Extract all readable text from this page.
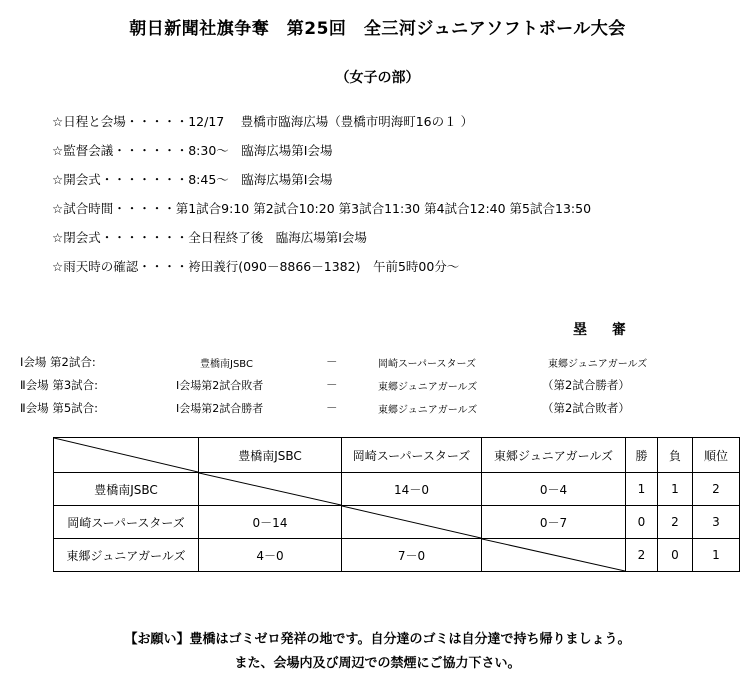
朝日新聞社旗争奪　第25回　全三河ジュニアソフトボール大会
（女子の部）
☆日程と会場・・・・・12/17　 豊橋市臨海広場（豊橋市明海町16の１ ）
☆監督会議・・・・・・8:30～　臨海広場第Ⅰ会場
☆開会式・・・・・・・8:45～　臨海広場第Ⅰ会場
☆試合時間・・・・・第1試合9:10 第2試合10:20 第3試合11:30 第4試合12:40 第5試合13:50
☆閉会式・・・・・・・全日程終了後　臨海広場第Ⅰ会場
☆雨天時の確認・・・・袴田義行(090－8866－1382)　午前5時00分～
塁 審
Ⅰ会場 第2試合:	豊橋南JSBC	－	岡崎スーパースターズ	東郷ジュニアガールズ
Ⅱ会場 第3試合:	Ⅰ会場第2試合敗者	－	東郷ジュニアガールズ	（第2試合勝者）
Ⅱ会場 第5試合:	Ⅰ会場第2試合勝者	－	東郷ジュニアガールズ	（第2試合敗者）
	豊橋南JSBC	岡崎スーパースターズ	東郷ジュニアガールズ	勝	負	順位
豊橋南JSBC		14－0	0－4	1	1	2
岡崎スーパースターズ	0－14		0－7	0	2	3
東郷ジュニアガールズ	4－0	7－0		2	0	1
【お願い】豊橋はゴミゼロ発祥の地です。自分達のゴミは自分達で持ち帰りましょう。
また、会場内及び周辺での禁煙にご協力下さい。
